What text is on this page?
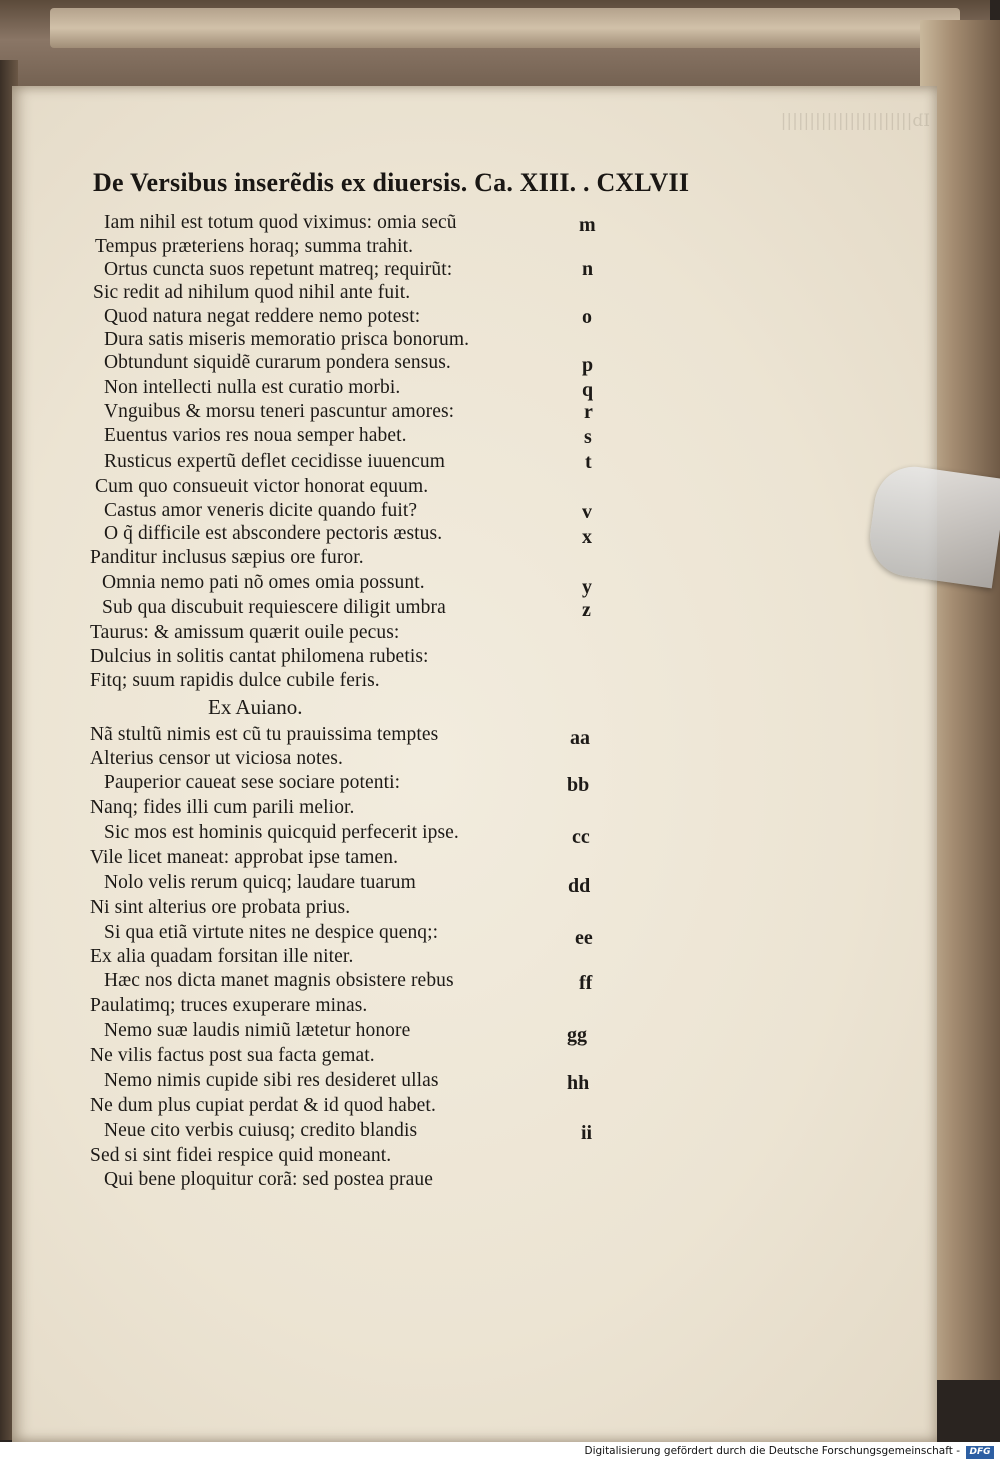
Ib|||||||||||||||||||||||
De Versibus inserẽdis ex diuersis. Ca. XIII. . CXLVII
Iam nihil est totum quod viximus: omia secũ
Tempus præteriens horaq; summa trahit.
Ortus cuncta suos repetunt matreq; requirũt:
Sic redit ad nihilum quod nihil ante fuit.
Quod natura negat reddere nemo potest:
Dura satis miseris memoratio prisca bonorum.
Obtundunt siquidẽ curarum pondera sensus.
Non intellecti nulla est curatio morbi.
Vnguibus & morsu teneri pascuntur amores:
Euentus varios res noua semper habet.
Rusticus expertũ deflet cecidisse iuuencum
Cum quo consueuit victor honorat equum.
Castus amor veneris dicite quando fuit?
O q̃ difficile est abscondere pectoris æstus.
Panditur inclusus sæpius ore furor.
Omnia nemo pati nõ omes omia possunt.
Sub qua discubuit requiescere diligit umbra
Taurus: & amissum quærit ouile pecus:
Dulcius in solitis cantat philomena rubetis:
Fitq; suum rapidis dulce cubile feris.
Ex Auiano.
Nã stultũ nimis est cũ tu prauissima temptes
Alterius censor ut viciosa notes.
Pauperior caueat sese sociare potenti:
Nanq; fides illi cum parili melior.
Sic mos est hominis quicquid perfecerit ipse.
Vile licet maneat: approbat ipse tamen.
Nolo velis rerum quicq; laudare tuarum
Ni sint alterius ore probata prius.
Si qua etiã virtute nites ne despice quenq;:
Ex alia quadam forsitan ille niter.
Hæc nos dicta manet magnis obsistere rebus
Paulatimq; truces exuperare minas.
Nemo suæ laudis nimiũ lætetur honore
Ne vilis factus post sua facta gemat.
Nemo nimis cupide sibi res desideret ullas
Ne dum plus cupiat perdat & id quod habet.
Neue cito verbis cuiusq; credito blandis
Sed si sint fidei respice quid moneant.
Qui bene ploquitur corã: sed postea praue
m
n
o
p
q
r
s
t
v
x
y
z
aa
bb
cc
dd
ee
ff
gg
hh
ii
Digitalisierung gefördert durch die Deutsche Forschungsgemeinschaft -	DFG
